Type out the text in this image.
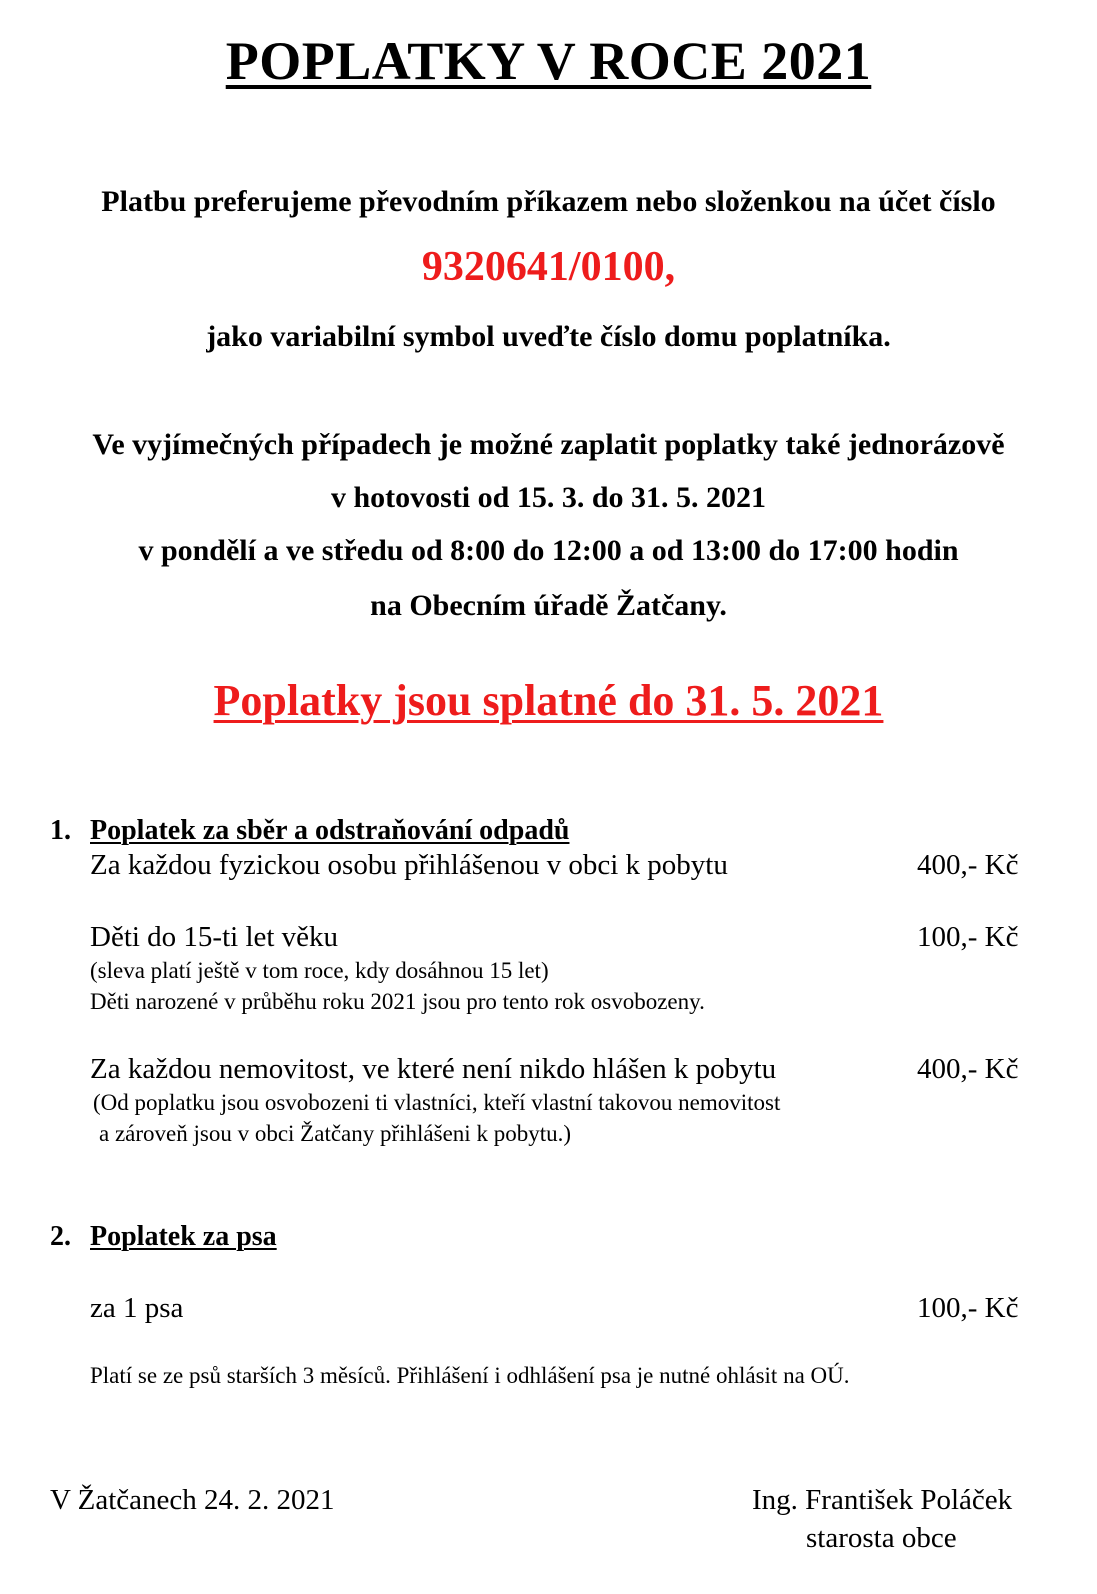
POPLATKY V ROCE 2021
Platbu preferujeme převodním příkazem nebo složenkou na účet číslo
9320641/0100,
jako variabilní symbol uveďte číslo domu poplatníka.
Ve vyjímečných případech je možné zaplatit poplatky také jednorázově
v hotovosti od 15. 3. do 31. 5. 2021
v pondělí a ve středu od 8:00 do 12:00 a od 13:00 do 17:00 hodin
na Obecním úřadě Žatčany.
Poplatky jsou splatné do 31. 5. 2021
1. Poplatek za sběr a odstraňování odpadů
Za každou fyzickou osobu přihlášenou v obci k pobytu	400,- Kč
Děti do 15-ti let věku	100,- Kč
(sleva platí ještě v tom roce, kdy dosáhnou 15 let)
Děti narozené v průběhu roku 2021 jsou pro tento rok osvobozeny.
Za každou nemovitost, ve které není nikdo hlášen k pobytu	400,- Kč
(Od poplatku jsou osvobozeni ti vlastníci, kteří vlastní takovou nemovitost
a zároveň jsou v obci Žatčany přihlášeni k pobytu.)
2. Poplatek za psa
za 1 psa	100,- Kč
Platí se ze psů starších 3 měsíců. Přihlášení i odhlášení psa je nutné ohlásit na OÚ.
V Žatčanech 24. 2. 2021	Ing. František Poláček
starosta obce
